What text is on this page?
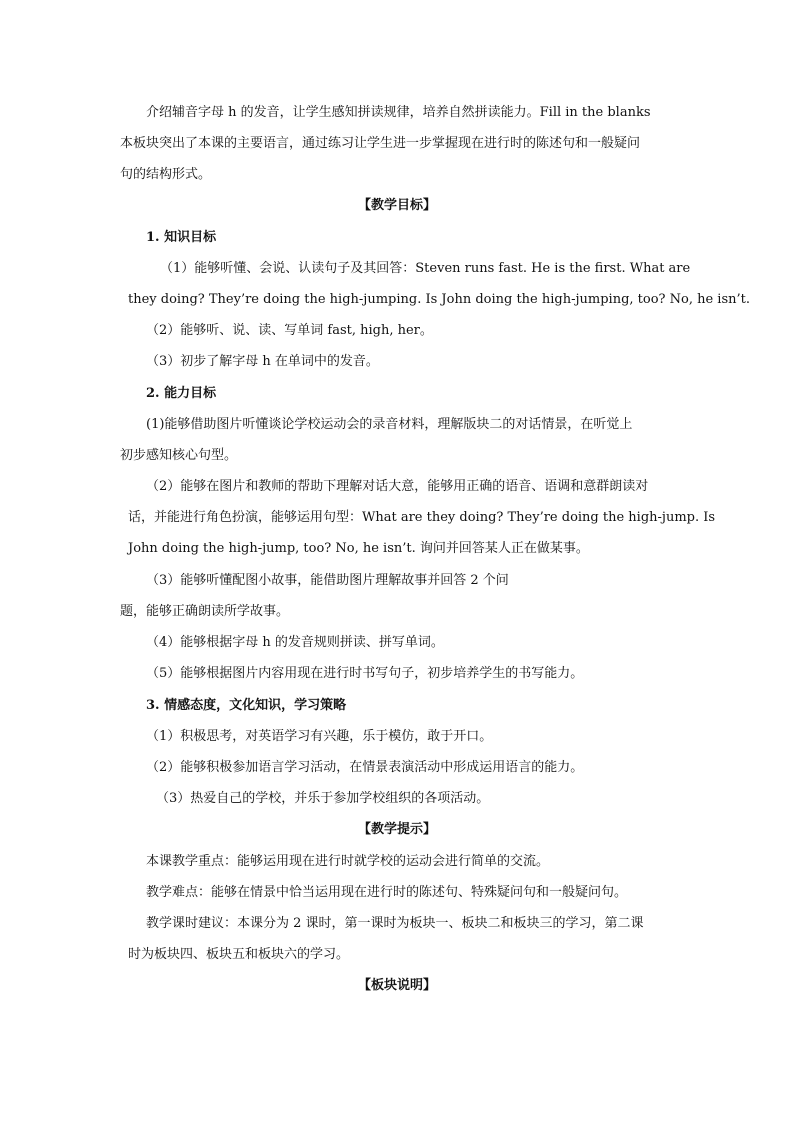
介绍辅音字母 h 的发音，让学生感知拼读规律，培养自然拼读能力。Fill in the blanks
本板块突出了本课的主要语言，通过练习让学生进一步掌握现在进行时的陈述句和一般疑问
句的结构形式。
【教学目标】
1. 知识目标
（1）能够听懂、会说、认读句子及其回答：Steven runs fast. He is the first. What are
they doing? They’re doing the high-jumping. Is John doing the high-jumping, too? No, he isn’t.
（2）能够听、说、读、写单词 fast, high, her。
（3）初步了解字母 h 在单词中的发音。
2. 能力目标
(1)能够借助图片听懂谈论学校运动会的录音材料，理解版块二的对话情景，在听觉上
初步感知核心句型。
（2）能够在图片和教师的帮助下理解对话大意，能够用正确的语音、语调和意群朗读对
话，并能进行角色扮演，能够运用句型：What are they doing? They’re doing the high-jump. Is
John doing the high-jump, too? No, he isn’t. 询问并回答某人正在做某事。
（3）能够听懂配图小故事，能借助图片理解故事并回答 2 个问
题，能够正确朗读所学故事。
（4）能够根据字母 h 的发音规则拼读、拼写单词。
（5）能够根据图片内容用现在进行时书写句子，初步培养学生的书写能力。
3. 情感态度，文化知识，学习策略
（1）积极思考，对英语学习有兴趣，乐于模仿，敢于开口。
（2）能够积极参加语言学习活动，在情景表演活动中形成运用语言的能力。
（3）热爱自己的学校，并乐于参加学校组织的各项活动。
【教学提示】
本课教学重点：能够运用现在进行时就学校的运动会进行简单的交流。
教学难点：能够在情景中恰当运用现在进行时的陈述句、特殊疑问句和一般疑问句。
教学课时建议：本课分为 2 课时，第一课时为板块一、板块二和板块三的学习，第二课
时为板块四、板块五和板块六的学习。
【板块说明】
